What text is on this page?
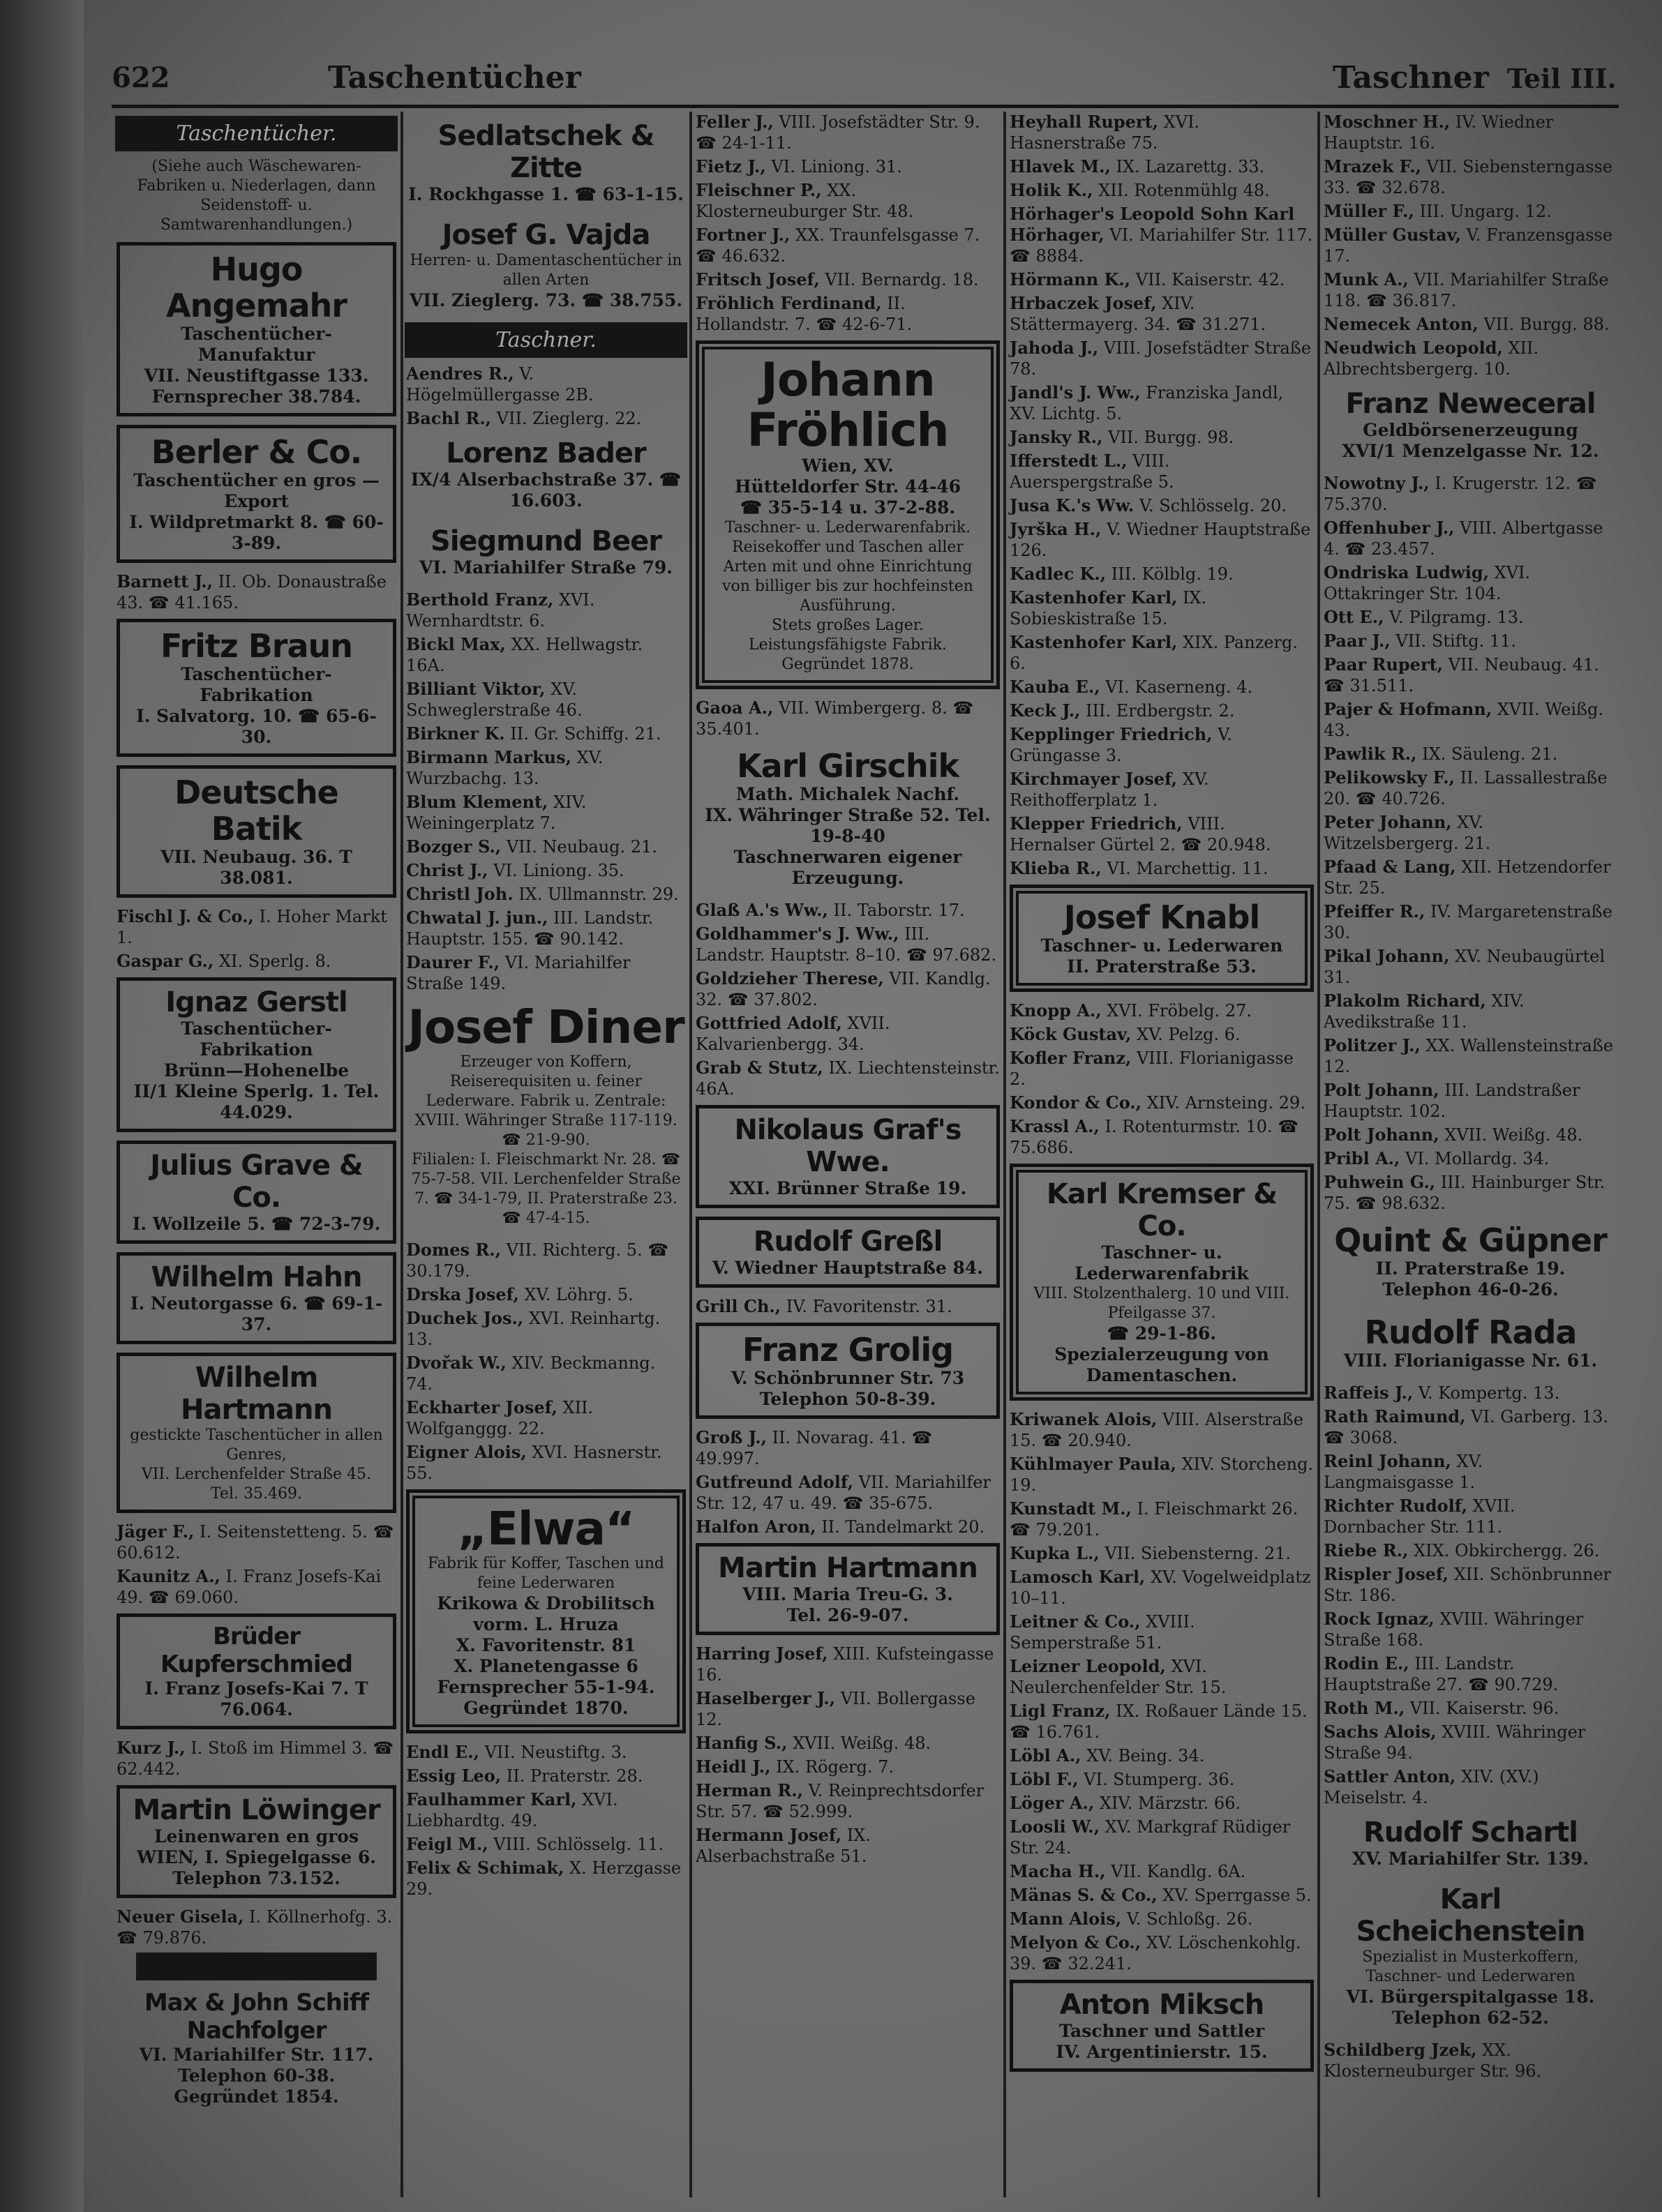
622	Taschentücher	Taschner Teil III.
Taschentücher.
(Siehe auch Wäschewaren-Fabriken u. Niederlagen, dann Seidenstoff- u. Samtwarenhandlungen.)
Hugo Angemahr
Taschentücher-Manufaktur
VII. Neustiftgasse 133.
Fernsprecher 38.784.
Berler & Co.
Taschentücher en gros — Export
I. Wildpretmarkt 8. ☎ 60-3-89.
Barnett J., II. Ob. Donaustraße 43. ☎ 41.165.
Fritz Braun
Taschentücher-Fabrikation
I. Salvatorg. 10. ☎ 65-6-30.
Deutsche Batik
VII. Neubaug. 36. T 38.081.
Fischl J. & Co., I. Hoher Markt 1.
Gaspar G., XI. Sperlg. 8.
Ignaz Gerstl
Taschentücher-Fabrikation
Brünn—Hohenelbe
II/1 Kleine Sperlg. 1. Tel. 44.029.
Julius Grave & Co.
I. Wollzeile 5. ☎ 72-3-79.
Wilhelm Hahn
I. Neutorgasse 6. ☎ 69-1-37.
Wilhelm Hartmann
gestickte Taschentücher in allen Genres,
VII. Lerchenfelder Straße 45. Tel. 35.469.
Jäger F., I. Seitenstetteng. 5. ☎ 60.612.
Kaunitz A., I. Franz Josefs-Kai 49. ☎ 69.060.
Brüder Kupferschmied
I. Franz Josefs-Kai 7. T 76.064.
Kurz J., I. Stoß im Himmel 3. ☎ 62.442.
Martin Löwinger
Leinenwaren en gros
WIEN, I. Spiegelgasse 6.
Telephon 73.152.
Neuer Gisela, I. Köllnerhofg. 3. ☎ 79.876.
Max & John Schiff Nachfolger
VI. Mariahilfer Str. 117.
Telephon 60-38.
Gegründet 1854.
Sedlatschek & Zitte
I. Rockhgasse 1. ☎ 63-1-15.
Josef G. Vajda
Herren- u. Damentaschentücher in allen Arten
VII. Zieglerg. 73. ☎ 38.755.
Taschner.
Aendres R., V. Högelmüllergasse 2B.
Bachl R., VII. Zieglerg. 22.
Lorenz Bader
IX/4 Alserbachstraße 37. ☎ 16.603.
Siegmund Beer
VI. Mariahilfer Straße 79.
Berthold Franz, XVI. Wernhardtstr. 6.
Bickl Max, XX. Hellwagstr. 16A.
Billiant Viktor, XV. Schweglerstraße 46.
Birkner K. II. Gr. Schiffg. 21.
Birmann Markus, XV. Wurzbachg. 13.
Blum Klement, XIV. Weiningerplatz 7.
Bozger S., VII. Neubaug. 21.
Christ J., VI. Liniong. 35.
Christl Joh. IX. Ullmannstr. 29.
Chwatal J. jun., III. Landstr. Hauptstr. 155. ☎ 90.142.
Daurer F., VI. Mariahilfer Straße 149.
Josef Diner
Erzeuger von Koffern, Reiserequisiten u. feiner Lederware. Fabrik u. Zentrale: XVIII. Währinger Straße 117-119. ☎ 21-9-90.
Filialen: I. Fleischmarkt Nr. 28. ☎ 75-7-58. VII. Lerchenfelder Straße 7. ☎ 34-1-79, II. Praterstraße 23. ☎ 47-4-15.
Domes R., VII. Richterg. 5. ☎ 30.179.
Drska Josef, XV. Löhrg. 5.
Duchek Jos., XVI. Reinhartg. 13.
Dvořak W., XIV. Beckmanng. 74.
Eckharter Josef, XII. Wolfganggg. 22.
Eigner Alois, XVI. Hasnerstr. 55.
„Elwa“
Fabrik für Koffer, Taschen und feine Lederwaren
Krikowa & Drobilitsch
vorm. L. Hruza
X. Favoritenstr. 81
X. Planetengasse 6
Fernsprecher 55-1-94.
Gegründet 1870.
Endl E., VII. Neustiftg. 3.
Essig Leo, II. Praterstr. 28.
Faulhammer Karl, XVI. Liebhardtg. 49.
Feigl M., VIII. Schlösselg. 11.
Felix & Schimak, X. Herzgasse 29.
Feller J., VIII. Josefstädter Str. 9. ☎ 24-1-11.
Fietz J., VI. Liniong. 31.
Fleischner P., XX. Klosterneuburger Str. 48.
Fortner J., XX. Traunfelsgasse 7. ☎ 46.632.
Fritsch Josef, VII. Bernardg. 18.
Fröhlich Ferdinand, II. Hollandstr. 7. ☎ 42-6-71.
Johann Fröhlich
Wien, XV.
Hütteldorfer Str. 44-46
☎ 35-5-14 u. 37-2-88.
Taschner- u. Lederwarenfabrik. Reisekoffer und Taschen aller Arten mit und ohne Einrichtung von billiger bis zur hochfeinsten Ausführung.
Stets großes Lager. Leistungsfähigste Fabrik. Gegründet 1878.
Gaoa A., VII. Wimbergerg. 8. ☎ 35.401.
Karl Girschik
Math. Michalek Nachf.
IX. Währinger Straße 52. Tel. 19-8-40
Taschnerwaren eigener Erzeugung.
Glaß A.'s Ww., II. Taborstr. 17.
Goldhammer's J. Ww., III. Landstr. Hauptstr. 8–10. ☎ 97.682.
Goldzieher Therese, VII. Kandlg. 32. ☎ 37.802.
Gottfried Adolf, XVII. Kalvarienbergg. 34.
Grab & Stutz, IX. Liechtensteinstr. 46A.
Nikolaus Graf's Wwe.
XXI. Brünner Straße 19.
Rudolf Greßl
V. Wiedner Hauptstraße 84.
Grill Ch., IV. Favoritenstr. 31.
Franz Grolig
V. Schönbrunner Str. 73
Telephon 50-8-39.
Groß J., II. Novarag. 41. ☎ 49.997.
Gutfreund Adolf, VII. Mariahilfer Str. 12, 47 u. 49. ☎ 35-675.
Halfon Aron, II. Tandelmarkt 20.
Martin Hartmann
VIII. Maria Treu-G. 3.
Tel. 26-9-07.
Harring Josef, XIII. Kufsteingasse 16.
Haselberger J., VII. Bollergasse 12.
Hanfig S., XVII. Weißg. 48.
Heidl J., IX. Rögerg. 7.
Herman R., V. Reinprechtsdorfer Str. 57. ☎ 52.999.
Hermann Josef, IX. Alserbachstraße 51.
Heyhall Rupert, XVI. Hasnerstraße 75.
Hlavek M., IX. Lazarettg. 33.
Holik K., XII. Rotenmühlg 48.
Hörhager's Leopold Sohn Karl Hörhager, VI. Mariahilfer Str. 117. ☎ 8884.
Hörmann K., VII. Kaiserstr. 42.
Hrbaczek Josef, XIV. Stättermayerg. 34. ☎ 31.271.
Jahoda J., VIII. Josefstädter Straße 78.
Jandl's J. Ww., Franziska Jandl, XV. Lichtg. 5.
Jansky R., VII. Burgg. 98.
Ifferstedt L., VIII. Auerspergstraße 5.
Jusa K.'s Ww. V. Schlösselg. 20.
Jyrška H., V. Wiedner Hauptstraße 126.
Kadlec K., III. Kölblg. 19.
Kastenhofer Karl, IX. Sobieskistraße 15.
Kastenhofer Karl, XIX. Panzerg. 6.
Kauba E., VI. Kaserneng. 4.
Keck J., III. Erdbergstr. 2.
Kepplinger Friedrich, V. Grüngasse 3.
Kirchmayer Josef, XV. Reithofferplatz 1.
Klepper Friedrich, VIII. Hernalser Gürtel 2. ☎ 20.948.
Klieba R., VI. Marchettig. 11.
Josef Knabl
Taschner- u. Lederwaren
II. Praterstraße 53.
Knopp A., XVI. Fröbelg. 27.
Köck Gustav, XV. Pelzg. 6.
Kofler Franz, VIII. Florianigasse 2.
Kondor & Co., XIV. Arnsteing. 29.
Krassl A., I. Rotenturmstr. 10. ☎ 75.686.
Karl Kremser & Co.
Taschner- u. Lederwarenfabrik
VIII. Stolzenthalerg. 10 und VIII. Pfeilgasse 37.
☎ 29-1-86.
Spezialerzeugung von Damentaschen.
Kriwanek Alois, VIII. Alserstraße 15. ☎ 20.940.
Kühlmayer Paula, XIV. Storcheng. 19.
Kunstadt M., I. Fleischmarkt 26. ☎ 79.201.
Kupka L., VII. Siebensterng. 21.
Lamosch Karl, XV. Vogelweidplatz 10–11.
Leitner & Co., XVIII. Semperstraße 51.
Leizner Leopold, XVI. Neulerchenfelder Str. 15.
Ligl Franz, IX. Roßauer Lände 15. ☎ 16.761.
Löbl A., XV. Being. 34.
Löbl F., VI. Stumperg. 36.
Löger A., XIV. Märzstr. 66.
Loosli W., XV. Markgraf Rüdiger Str. 24.
Macha H., VII. Kandlg. 6A.
Mänas S. & Co., XV. Sperrgasse 5.
Mann Alois, V. Schloßg. 26.
Melyon & Co., XV. Löschenkohlg. 39. ☎ 32.241.
Anton Miksch
Taschner und Sattler
IV. Argentinierstr. 15.
Moschner H., IV. Wiedner Hauptstr. 16.
Mrazek F., VII. Siebensterngasse 33. ☎ 32.678.
Müller F., III. Ungarg. 12.
Müller Gustav, V. Franzensgasse 17.
Munk A., VII. Mariahilfer Straße 118. ☎ 36.817.
Nemecek Anton, VII. Burgg. 88.
Neudwich Leopold, XII. Albrechtsbergerg. 10.
Franz Neweceral
Geldbörsenerzeugung
XVI/1 Menzelgasse Nr. 12.
Nowotny J., I. Krugerstr. 12. ☎ 75.370.
Offenhuber J., VIII. Albertgasse 4. ☎ 23.457.
Ondriska Ludwig, XVI. Ottakringer Str. 104.
Ott E., V. Pilgramg. 13.
Paar J., VII. Stiftg. 11.
Paar Rupert, VII. Neubaug. 41. ☎ 31.511.
Pajer & Hofmann, XVII. Weißg. 43.
Pawlik R., IX. Säuleng. 21.
Pelikowsky F., II. Lassallestraße 20. ☎ 40.726.
Peter Johann, XV. Witzelsbergerg. 21.
Pfaad & Lang, XII. Hetzendorfer Str. 25.
Pfeiffer R., IV. Margaretenstraße 30.
Pikal Johann, XV. Neubaugürtel 31.
Plakolm Richard, XIV. Avedikstraße 11.
Politzer J., XX. Wallensteinstraße 12.
Polt Johann, III. Landstraßer Hauptstr. 102.
Polt Johann, XVII. Weißg. 48.
Pribl A., VI. Mollardg. 34.
Puhwein G., III. Hainburger Str. 75. ☎ 98.632.
Quint & Güpner
II. Praterstraße 19.
Telephon 46-0-26.
Rudolf Rada
VIII. Florianigasse Nr. 61.
Raffeis J., V. Kompertg. 13.
Rath Raimund, VI. Garberg. 13. ☎ 3068.
Reinl Johann, XV. Langmaisgasse 1.
Richter Rudolf, XVII. Dornbacher Str. 111.
Riebe R., XIX. Obkirchergg. 26.
Rispler Josef, XII. Schönbrunner Str. 186.
Rock Ignaz, XVIII. Währinger Straße 168.
Rodin E., III. Landstr. Hauptstraße 27. ☎ 90.729.
Roth M., VII. Kaiserstr. 96.
Sachs Alois, XVIII. Währinger Straße 94.
Sattler Anton, XIV. (XV.) Meiselstr. 4.
Rudolf Schartl
XV. Mariahilfer Str. 139.
Karl Scheichenstein
Spezialist in Musterkoffern, Taschner- und Lederwaren
VI. Bürgerspitalgasse 18.
Telephon 62-52.
Schildberg Jzek, XX. Klosterneuburger Str. 96.
